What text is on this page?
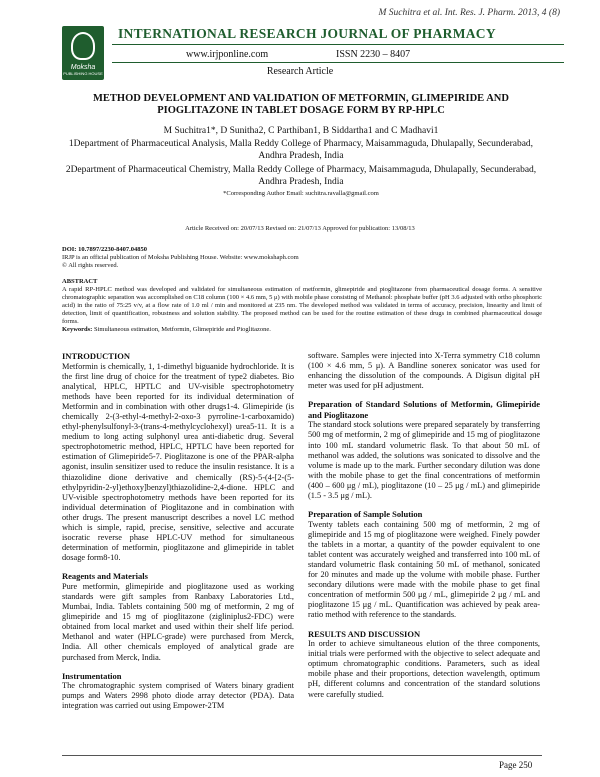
M Suchitra et al. Int. Res. J. Pharm. 2013, 4 (8)
Moksha
PUBLISHING HOUSE
INTERNATIONAL RESEARCH JOURNAL OF PHARMACY
www.irjponline.com	ISSN 2230 – 8407
Research Article
METHOD DEVELOPMENT AND VALIDATION OF METFORMIN, GLIMEPIRIDE AND PIOGLITAZONE IN TABLET DOSAGE FORM BY RP-HPLC
M Suchitra1*, D Sunitha2, C Parthiban1, B Siddartha1 and C Madhavi1
1Department of Pharmaceutical Analysis, Malla Reddy College of Pharmacy, Maisammaguda, Dhulapally, Secunderabad, Andhra Pradesh, India
2Department of Pharmaceutical Chemistry, Malla Reddy College of Pharmacy, Maisammaguda, Dhulapally, Secunderabad, Andhra Pradesh, India
*Corresponding Author Email: suchitra.ravalla@gmail.com
Article Received on: 20/07/13 Revised on: 21/07/13 Approved for publication: 13/08/13
DOI: 10.7897/2230-8407.04850
IRJP is an official publication of Moksha Publishing House. Website: www.mokshaph.com
© All rights reserved.
ABSTRACT
A rapid RP-HPLC method was developed and validated for simultaneous estimation of metformin, glimepiride and pioglitazone from pharmaceutical dosage forms. A sensitive chromatographic separation was accomplished on C18 column (100 × 4.6 mm, 5 μ) with mobile phase consisting of Methanol: phosphate buffer (pH 3.6 adjusted with ortho phosphoric acid) in the ratio of 75:25 v/v, at a flow rate of 1.0 ml / min and monitored at 235 nm. The developed method was validated in terms of accuracy, precision, linearity and limit of detection, limit of quantification, robustness and solution stability. The proposed method can be used for the routine estimation of these drugs in combined pharmaceutical dosage forms.
Keywords: Simultaneous estimation, Metformin, Glimepiride and Pioglitazone.
INTRODUCTION

Metformin is chemically, 1, 1-dimethyl biguanide hydrochloride. It is the first line drug of choice for the treatment of type2 diabetes. Bio analytical, HPLC, HPTLC and UV-visible spectrophotometry methods have been reported for its individual determination of Metformin and in combination with other drugs1-4. Glimepiride (is chemically 2-(3-ethyl-4-methyl-2-oxo-3 pyrroline-1-carboxamido) ethyl-phenylsulfonyl-3-(trans-4-methylcyclohexyl) urea5-11. It is a medium to long acting sulphonyl urea anti-diabetic drug. Several spectrophotometric method, HPLC, HPTLC have been reported for estimation of Glimepiride5-7. Pioglitazone is one of the PPAR-alpha agonist, insulin sensitizer used to reduce the insulin resistance. It is a thiazolidine dione derivative and chemically (RS)-5-(4-[2-(5-ethylpyridin-2-yl)ethoxy]benzyl)thiazolidine-2,4-dione. HPLC and UV-visible spectrophotometry methods have been reported for its individual determination of Pioglitazone and in combination with other drugs. The present manuscript describes a novel LC method which is simple, rapid, precise, sensitive, selective and accurate isocratic reverse phase HPLC-UV method for simultaneous determination of metformin, pioglitazone and glimepiride in tablet dosage form8-10.

Reagents and Materials

Pure metformin, glimepiride and pioglitazone used as working standards were gift samples from Ranbaxy Laboratories Ltd., Mumbai, India. Tablets containing 500 mg of metformin, 2 mg of glimepiride and 15 mg of pioglitazone (zigliniplus2-FDC) were obtained from local market and used within their shelf life period. Methanol and water (HPLC-grade) were purchased from Merck, India. All other chemicals employed of analytical grade are purchased from Merck, India.

Instrumentation

The chromatographic system comprised of Waters binary gradient pumps and Waters 2998 photo diode array detector (PDA). Data integration was carried out using Empower-2TM

software. Samples were injected into X-Terra symmetry C18 column (100 × 4.6 mm, 5 μ). A Bandline sonerex sonicator was used for enhancing the dissolution of the compounds. A Digisun digital pH meter was used for pH adjustment.

Preparation of Standard Solutions of Metformin, Glimepiride and Pioglitazone

The standard stock solutions were prepared separately by transferring 500 mg of metformin, 2 mg of glimepiride and 15 mg of pioglitazone into 100 mL standard volumetric flask. To that about 50 mL of methanol was added, the solutions was sonicated to dissolve and the volume is made up to the mark. Further secondary dilution was done with the mobile phase to get the final concentrations of metformin (400 – 600 μg / mL), pioglitazone (10 – 25 μg / mL) and glimepiride (1.5 - 3.5 μg / mL).

Preparation of Sample Solution

Twenty tablets each containing 500 mg of metformin, 2 mg of glimepiride and 15 mg of pioglitazone were weighed. Finely powder the tablets in a mortar, a quantity of the powder equivalent to one tablet content was accurately weighed and transferred into 100 mL of standard volumetric flask containing 50 mL of methanol, sonicated for 20 minutes and made up the volume with mobile phase. Further secondary dilutions were made with the mobile phase to get final concentration of metformin 500 μg / mL, glimepiride 2 μg / mL and pioglitazone 15 μg / mL. Quantification was achieved by peak area-ratio method with reference to the standards.

RESULTS AND DISCUSSION

In order to achieve simultaneous elution of the three components, initial trials were performed with the objective to select adequate and optimum chromatographic conditions. Parameters, such as ideal mobile phase and their proportions, detection wavelength, optimum pH, different columns and concentration of the standard solutions were carefully studied.

Page 250
